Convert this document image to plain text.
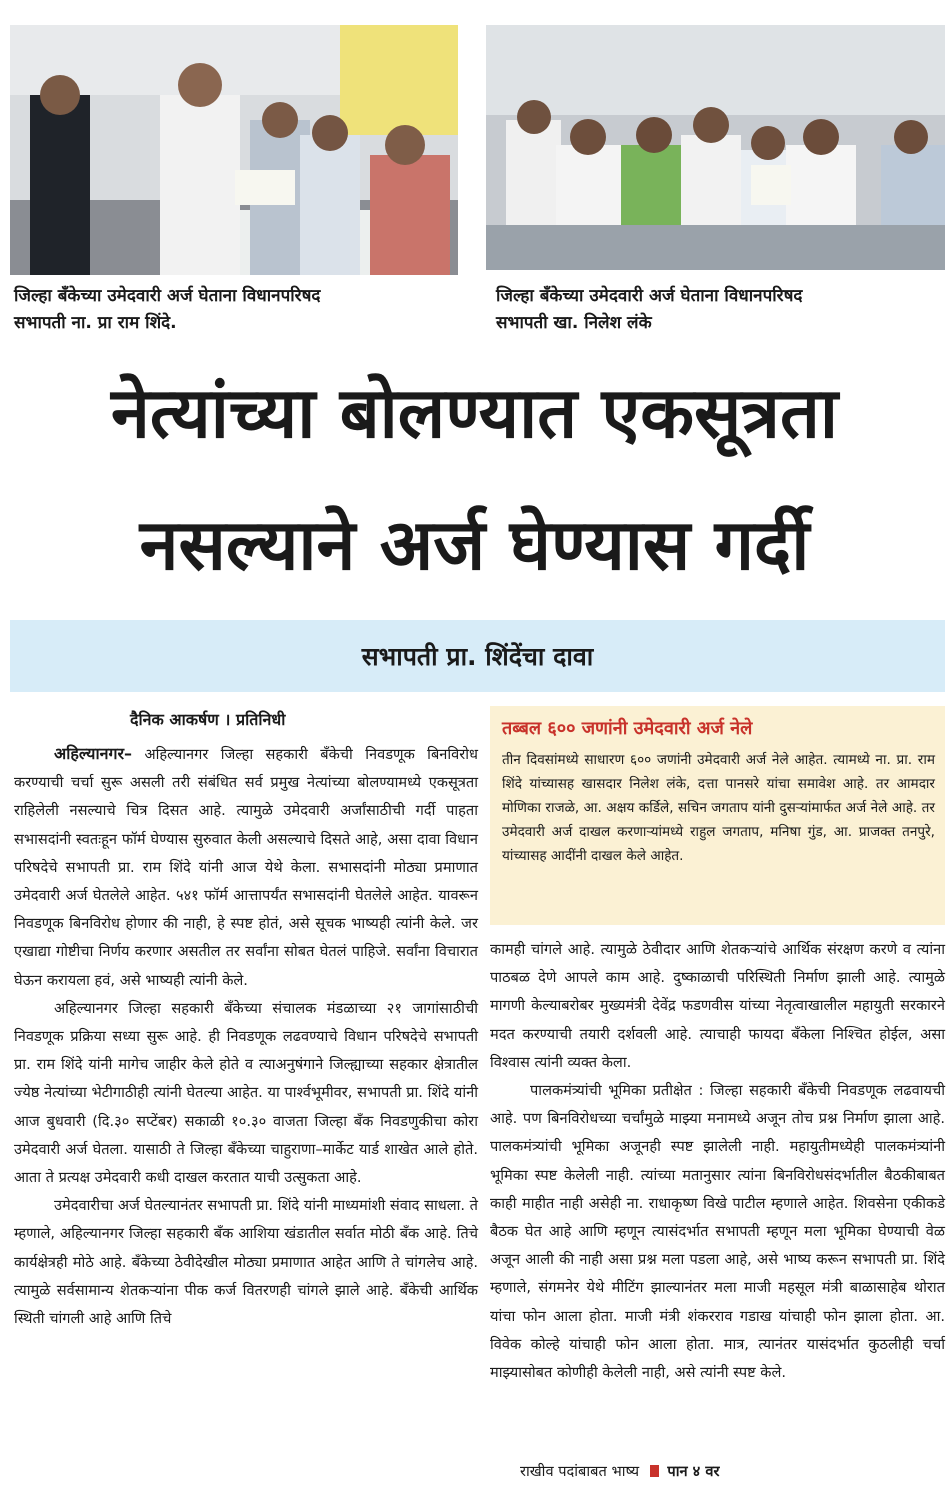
जिल्हा बँकेच्या उमेदवारी अर्ज घेताना विधानपरिषद

सभापती ना. प्रा राम शिंदे.

जिल्हा बँकेच्या उमेदवारी अर्ज घेताना विधानपरिषद

सभापती खा. निलेश लंके

नेत्यांच्या बोलण्यात एकसूत्रता
नसल्याने अर्ज घेण्यास गर्दी
सभापती प्रा. शिंदेंचा दावा
दैनिक आकर्षण । प्रतिनिधी

अहिल्यानगर– अहिल्यानगर जिल्हा सहकारी बँकेची निवडणूक बिनविरोध करण्याची चर्चा सुरू असली तरी संबंधित सर्व प्रमुख नेत्यांच्या बोलण्यामध्ये एकसूत्रता राहिलेली नसल्याचे चित्र दिसत आहे. त्यामुळे उमेदवारी अर्जांसाठीची गर्दी पाहता सभासदांनी स्वतःहून फॉर्म घेण्यास सुरुवात केली असल्याचे दिसते आहे, असा दावा विधान परिषदेचे सभापती प्रा. राम शिंदे यांनी आज येथे केला. सभासदांनी मोठ्या प्रमाणात उमेदवारी अर्ज घेतलेले आहेत. ५४१ फॉर्म आत्तापर्यंत सभासदांनी घेतलेले आहेत. यावरून निवडणूक बिनविरोध होणार की नाही, हे स्पष्ट होतं, असे सूचक भाष्यही त्यांनी केले. जर एखाद्या गोष्टीचा निर्णय करणार असतील तर सर्वांना सोबत घेतलं पाहिजे. सर्वांना विचारात घेऊन करायला हवं, असे भाष्यही त्यांनी केले.

अहिल्यानगर जिल्हा सहकारी बँकेच्या संचालक मंडळाच्या २१ जागांसाठीची निवडणूक प्रक्रिया सध्या सुरू आहे. ही निवडणूक लढवण्याचे विधान परिषदेचे सभापती प्रा. राम शिंदे यांनी मागेच जाहीर केले होते व त्याअनुषंगाने जिल्ह्याच्या सहकार क्षेत्रातील ज्येष्ठ नेत्यांच्या भेटीगाठीही त्यांनी घेतल्या आहेत. या पार्श्वभूमीवर, सभापती प्रा. शिंदे यांनी आज बुधवारी (दि.३० सप्टेंबर) सकाळी १०.३० वाजता जिल्हा बँक निवडणुकीचा कोरा उमेदवारी अर्ज घेतला. यासाठी ते जिल्हा बँकेच्या चाहुराणा–मार्केट यार्ड शाखेत आले होते. आता ते प्रत्यक्ष उमेदवारी कधी दाखल करतात याची उत्सुकता आहे.

उमेदवारीचा अर्ज घेतल्यानंतर सभापती प्रा. शिंदे यांनी माध्यमांशी संवाद साधला. ते म्हणाले, अहिल्यानगर जिल्हा सहकारी बँक आशिया खंडातील सर्वात मोठी बँक आहे. तिचे कार्यक्षेत्रही मोठे आहे. बँकेच्या ठेवीदेखील मोठ्या प्रमाणात आहेत आणि ते चांगलेच आहे. त्यामुळे सर्वसामान्य शेतकऱ्यांना पीक कर्ज वितरणही चांगले झाले आहे. बँकेची आर्थिक स्थिती चांगली आहे आणि तिचे

तब्बल ६०० जणांनी उमेदवारी अर्ज नेले
तीन दिवसांमध्ये साधारण ६०० जणांनी उमेदवारी अर्ज नेले आहेत. त्यामध्ये ना. प्रा. राम शिंदे यांच्यासह खासदार निलेश लंके, दत्ता पानसरे यांचा समावेश आहे. तर आमदार मोणिका राजळे, आ. अक्षय कर्डिले, सचिन जगताप यांनी दुसऱ्यांमार्फत अर्ज नेले आहे. तर उमेदवारी अर्ज दाखल करणाऱ्यांमध्ये राहुल जगताप, मनिषा गुंड, आ. प्राजक्त तनपुरे, यांच्यासह आदींनी दाखल केले आहेत.

कामही चांगले आहे. त्यामुळे ठेवीदार आणि शेतकऱ्यांचे आर्थिक संरक्षण करणे व त्यांना पाठबळ देणे आपले काम आहे. दुष्काळाची परिस्थिती निर्माण झाली आहे. त्यामुळे मागणी केल्याबरोबर मुख्यमंत्री देवेंद्र फडणवीस यांच्या नेतृत्वाखालील महायुती सरकारने मदत करण्याची तयारी दर्शवली आहे. त्याचाही फायदा बँकेला निश्चित होईल, असा विश्वास त्यांनी व्यक्त केला.

पालकमंत्र्यांची भूमिका प्रतीक्षेत : जिल्हा सहकारी बँकेची निवडणूक लढवायची आहे. पण बिनविरोधच्या चर्चांमुळे माझ्या मनामध्ये अजून तोच प्रश्न निर्माण झाला आहे. पालकमंत्र्यांची भूमिका अजूनही स्पष्ट झालेली नाही. महायुतीमध्येही पालकमंत्र्यांनी भूमिका स्पष्ट केलेली नाही. त्यांच्या मतानुसार त्यांना बिनविरोधसंदर्भातील बैठकीबाबत काही माहीत नाही असेही ना. राधाकृष्ण विखे पाटील म्हणाले आहेत. शिवसेना एकीकडे बैठक घेत आहे आणि म्हणून त्यासंदर्भात सभापती म्हणून मला भूमिका घेण्याची वेळ अजून आली की नाही असा प्रश्न मला पडला आहे, असे भाष्य करून सभापती प्रा. शिंदे म्हणाले, संगमनेर येथे मीटिंग झाल्यानंतर मला माजी महसूल मंत्री बाळासाहेब थोरात यांचा फोन आला होता. माजी मंत्री शंकरराव गडाख यांचाही फोन झाला होता. आ. विवेक कोल्हे यांचाही फोन आला होता. मात्र, त्यानंतर यासंदर्भात कुठलीही चर्चा माझ्यासोबत कोणीही केलेली नाही, असे त्यांनी स्पष्ट केले.

राखीव पदांबाबत भाष्य पान ४ वर
